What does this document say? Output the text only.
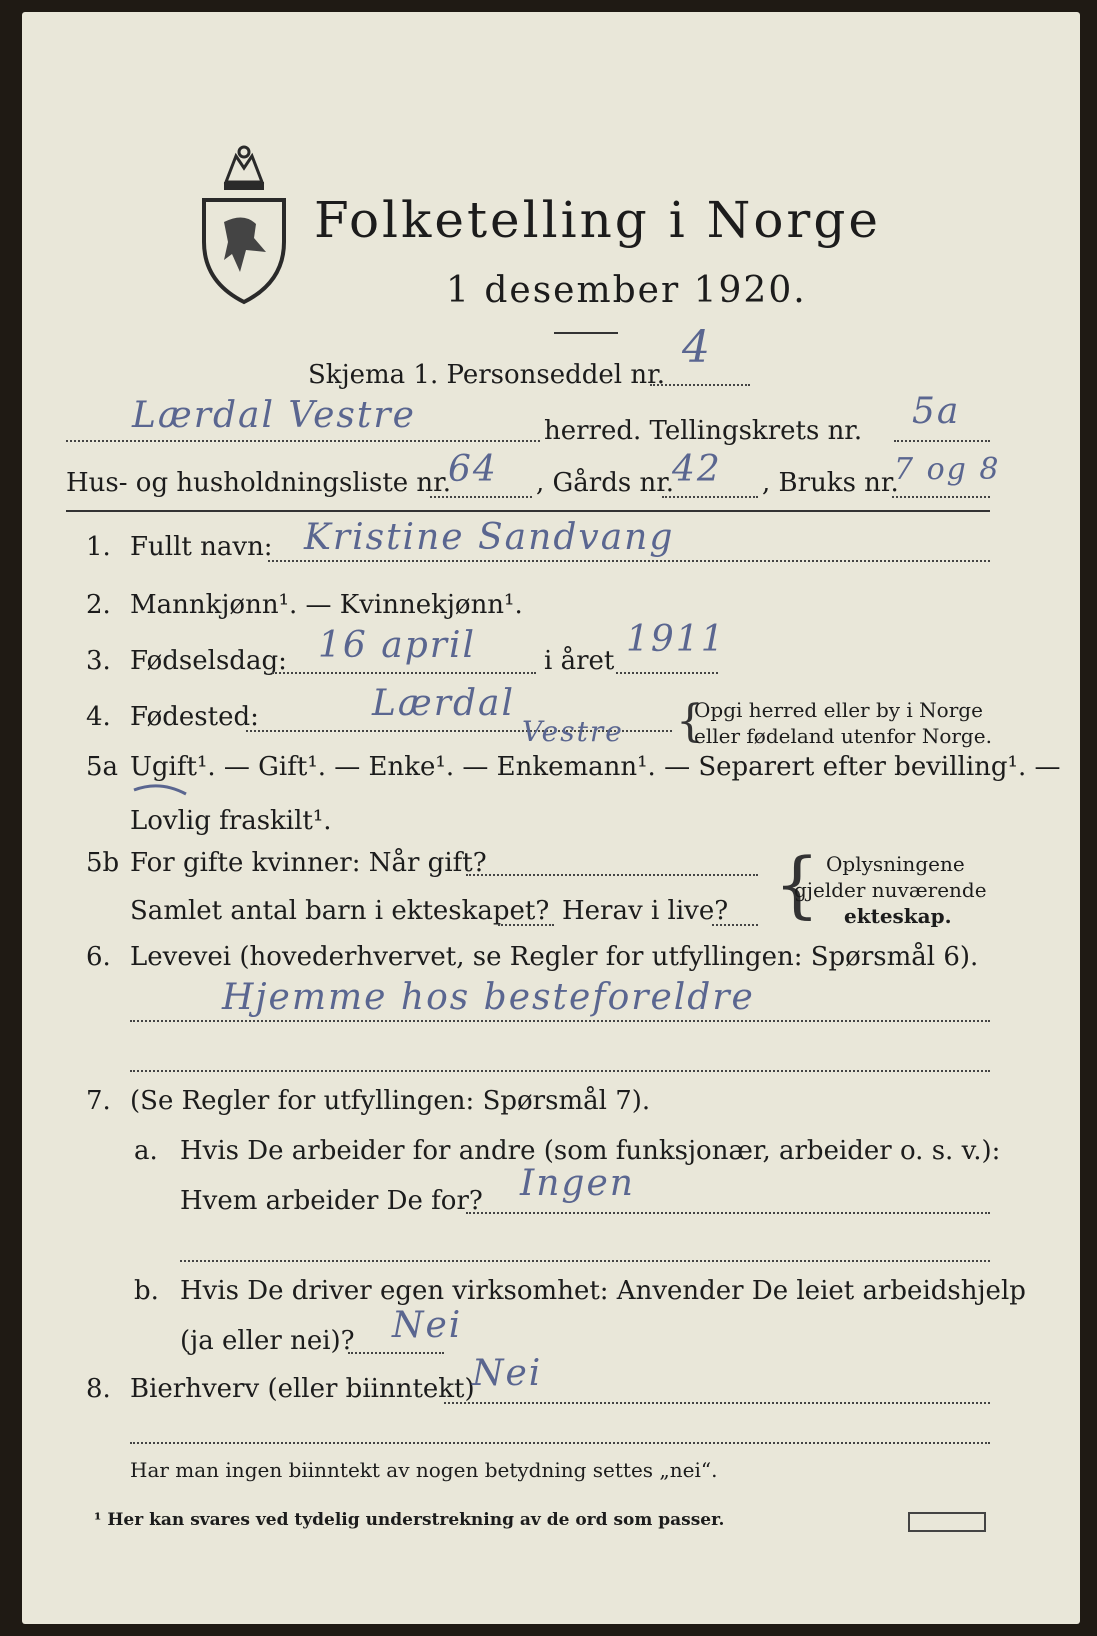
Folketelling i Norge
1 desember 1920.
Skjema 1. Personseddel nr.
4
Lærdal Vestre	herred. Tellingskrets nr. 5a
Hus- og husholdningsliste nr.
64 , Gårds nr.
42 , Bruks nr.
7 og 8
1. Fullt navn: Kristine Sandvang
2. Mannkjønn¹. — Kvinnekjønn¹.
3. Fødselsdag: 16 april	i året
1911
4. Fødested:	Lærdal
Vestre {
Opgi herred eller by i Norge
eller fødeland utenfor Norge.
5a Ugift¹. — Gift¹. — Enke¹. — Enkemann¹. — Separert efter bevilling¹. —
Lovlig fraskilt¹.
5b For gifte kvinner: Når gift?
Samlet antal barn i ekteskapet? Herav i live? { Oplysningene
gjelder nuværende
ekteskap.
6. Levevei (hovederhvervet, se Regler for utfyllingen: Spørsmål 6).
Hjemme hos besteforeldre
7. (Se Regler for utfyllingen: Spørsmål 7).
a. Hvis De arbeider for andre (som funksjonær, arbeider o. s. v.):
Hvem arbeider De for? Ingen
b. Hvis De driver egen virksomhet: Anvender De leiet arbeidshjelp
(ja eller nei)? Nei
8. Bierhverv (eller biinntekt)
Nei
Har man ingen biinntekt av nogen betydning settes „nei“.
¹ Her kan svares ved tydelig understrekning av de ord som passer.
